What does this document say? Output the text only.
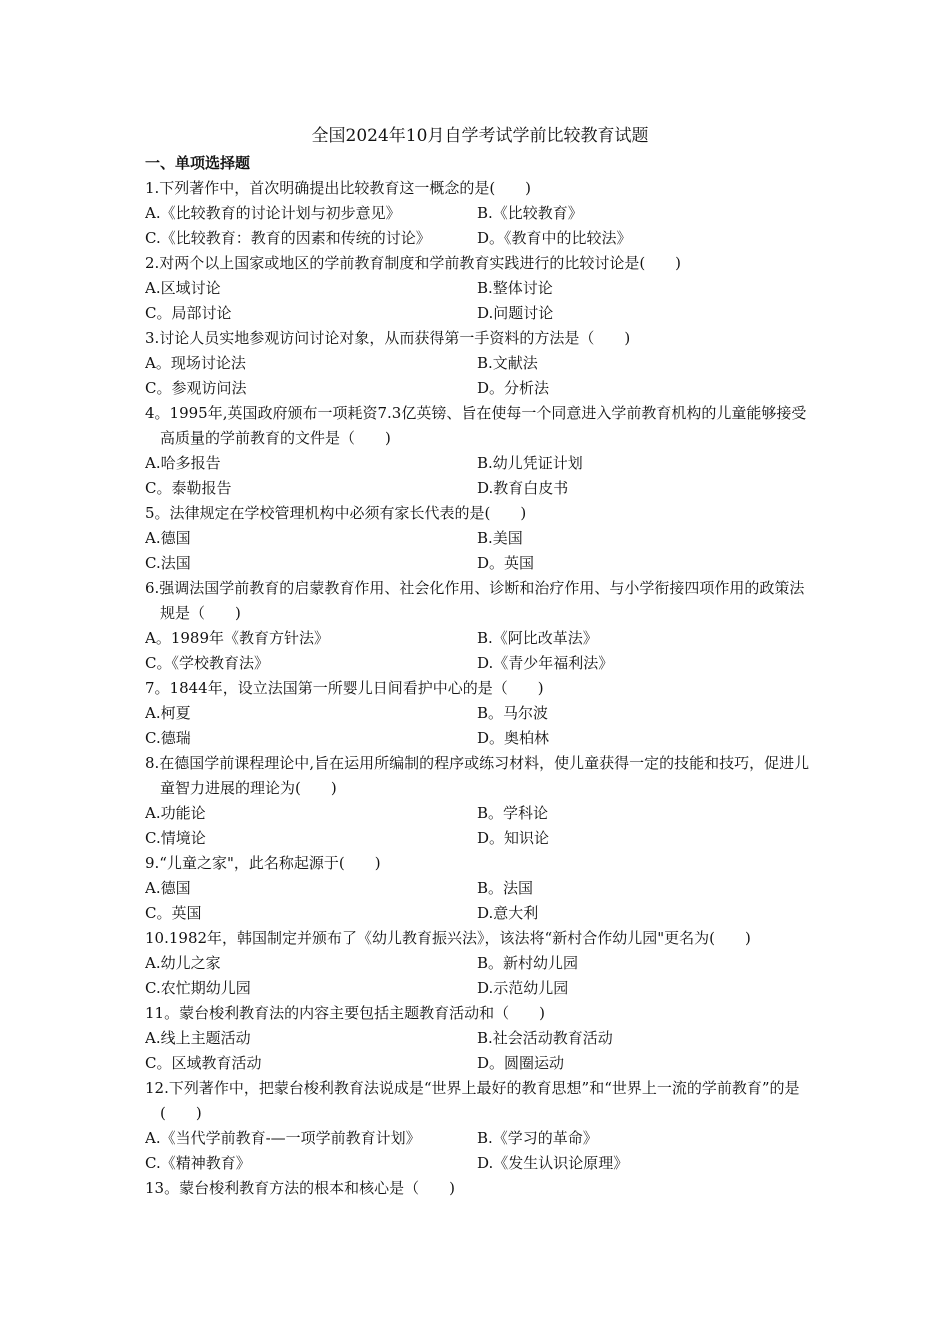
全国2024年10月自学考试学前比较教育试题
一、单项选择题
1.下列著作中，首次明确提出比较教育这一概念的是(　　)
A.《比较教育的讨论计划与初步意见》	B.《比较教育》
C.《比较教育：教育的因素和传统的讨论》	D。《教育中的比较法》
2.对两个以上国家或地区的学前教育制度和学前教育实践进行的比较讨论是(　　)
A.区域讨论	B.整体讨论
C。局部讨论	D.问题讨论
3.讨论人员实地参观访问讨论对象，从而获得第一手资料的方法是（　　)
A。现场讨论法	B.文献法
C。参观访问法	D。分析法
4。1995年,英国政府颁布一项耗资7.3亿英镑、旨在使每一个同意进入学前教育机构的儿童能够接受高质量的学前教育的文件是（　　)
A.哈多报告	B.幼儿凭证计划
C。泰勒报告	D.教育白皮书
5。法律规定在学校管理机构中必须有家长代表的是(　　)
A.德国	B.美国
C.法国	D。英国
6.强调法国学前教育的启蒙教育作用、社会化作用、诊断和治疗作用、与小学衔接四项作用的政策法规是（　　)
A。1989年《教育方针法》	B.《阿比改革法》
C。《学校教育法》	D.《青少年福利法》
7。1844年，设立法国第一所婴儿日间看护中心的是（　　)
A.柯夏	B。马尔波
C.德瑞	D。奥柏林
8.在德国学前课程理论中,旨在运用所编制的程序或练习材料，使儿童获得一定的技能和技巧，促进儿童智力进展的理论为(　　)
A.功能论	B。学科论
C.情境论	D。知识论
9.“儿童之家"，此名称起源于(　　)
A.德国	B。法国
C。英国	D.意大利
10.1982年，韩国制定并颁布了《幼儿教育振兴法》，该法将“新村合作幼儿园"更名为(　　)
A.幼儿之家	B。新村幼儿园
C.农忙期幼儿园	D.示范幼儿园
11。蒙台梭利教育法的内容主要包括主题教育活动和（　　)
A.线上主题活动	B.社会活动教育活动
C。区域教育活动	D。圆圈运动
12.下列著作中，把蒙台梭利教育法说成是“世界上最好的教育思想”和“世界上一流的学前教育”的是(　　)
A.《当代学前教育-—一项学前教育计划》	B.《学习的革命》
C.《精神教育》	D.《发生认识论原理》
13。蒙台梭利教育方法的根本和核心是（　　)
